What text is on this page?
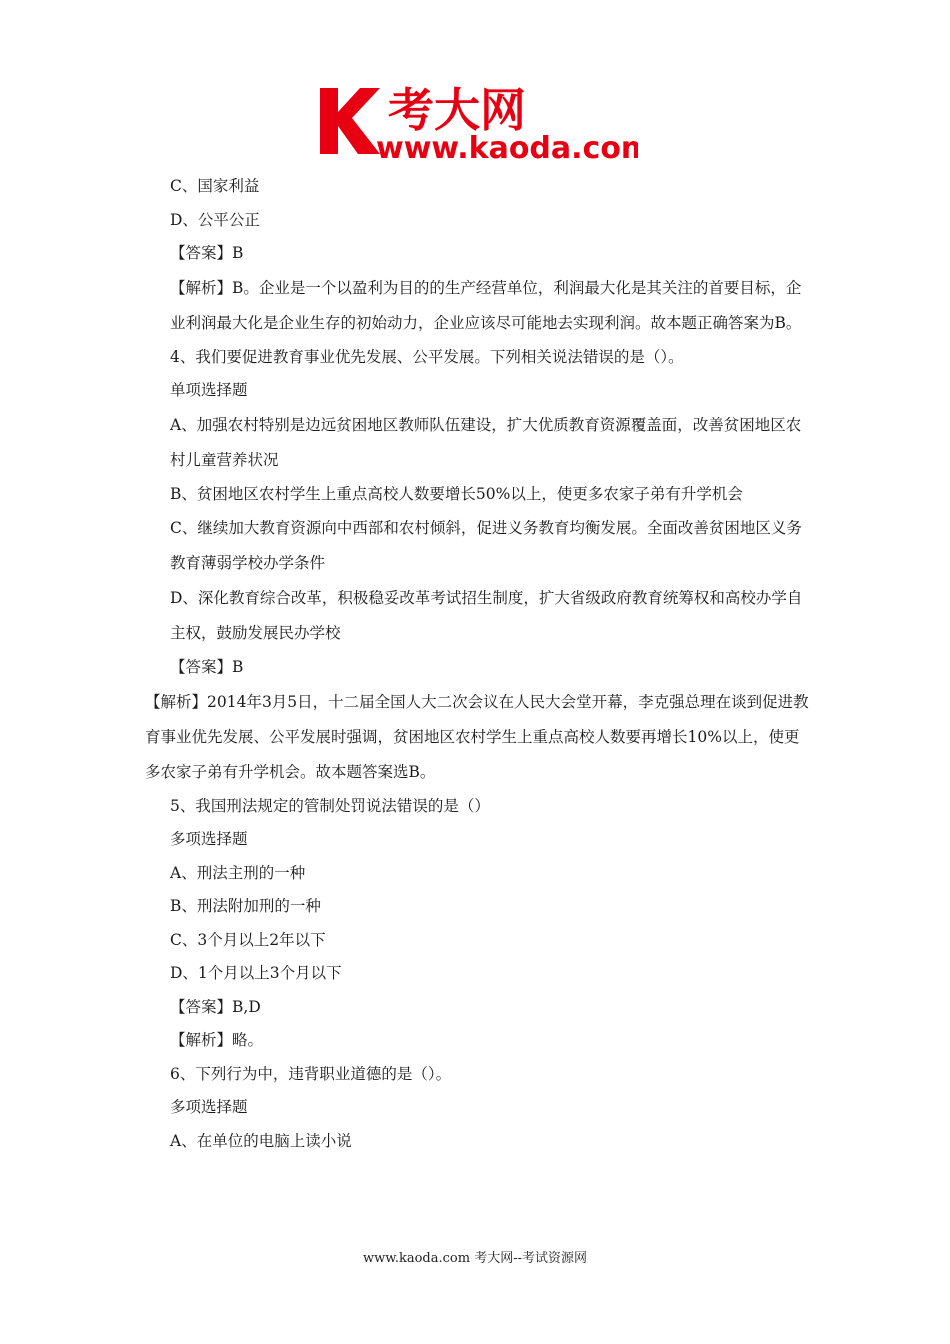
考大网
www.kaoda.com

C、国家利益

D、公平公正

【答案】B

【解析】B。企业是一个以盈利为目的的生产经营单位，利润最大化是其关注的首要目标，企业利润最大化是企业生存的初始动力，企业应该尽可能地去实现利润。故本题正确答案为B。

4、我们要促进教育事业优先发展、公平发展。下列相关说法错误的是（）。

单项选择题

A、加强农村特别是边远贫困地区教师队伍建设，扩大优质教育资源覆盖面，改善贫困地区农村儿童营养状况

B、贫困地区农村学生上重点高校人数要增长50%以上，使更多农家子弟有升学机会

C、继续加大教育资源向中西部和农村倾斜，促进义务教育均衡发展。全面改善贫困地区义务教育薄弱学校办学条件

D、深化教育综合改革，积极稳妥改革考试招生制度，扩大省级政府教育统筹权和高校办学自主权，鼓励发展民办学校

【答案】B

【解析】2014年3月5日，十二届全国人大二次会议在人民大会堂开幕，李克强总理在谈到促进教育事业优先发展、公平发展时强调，贫困地区农村学生上重点高校人数要再增长10%以上，使更多农家子弟有升学机会。故本题答案选B。

5、我国刑法规定的管制处罚说法错误的是（）

多项选择题

A、刑法主刑的一种

B、刑法附加刑的一种

C、3个月以上2年以下

D、1个月以上3个月以下

【答案】B,D

【解析】略。

6、下列行为中，违背职业道德的是（）。

多项选择题

A、在单位的电脑上读小说

www.kaoda.com 考大网--考试资源网
